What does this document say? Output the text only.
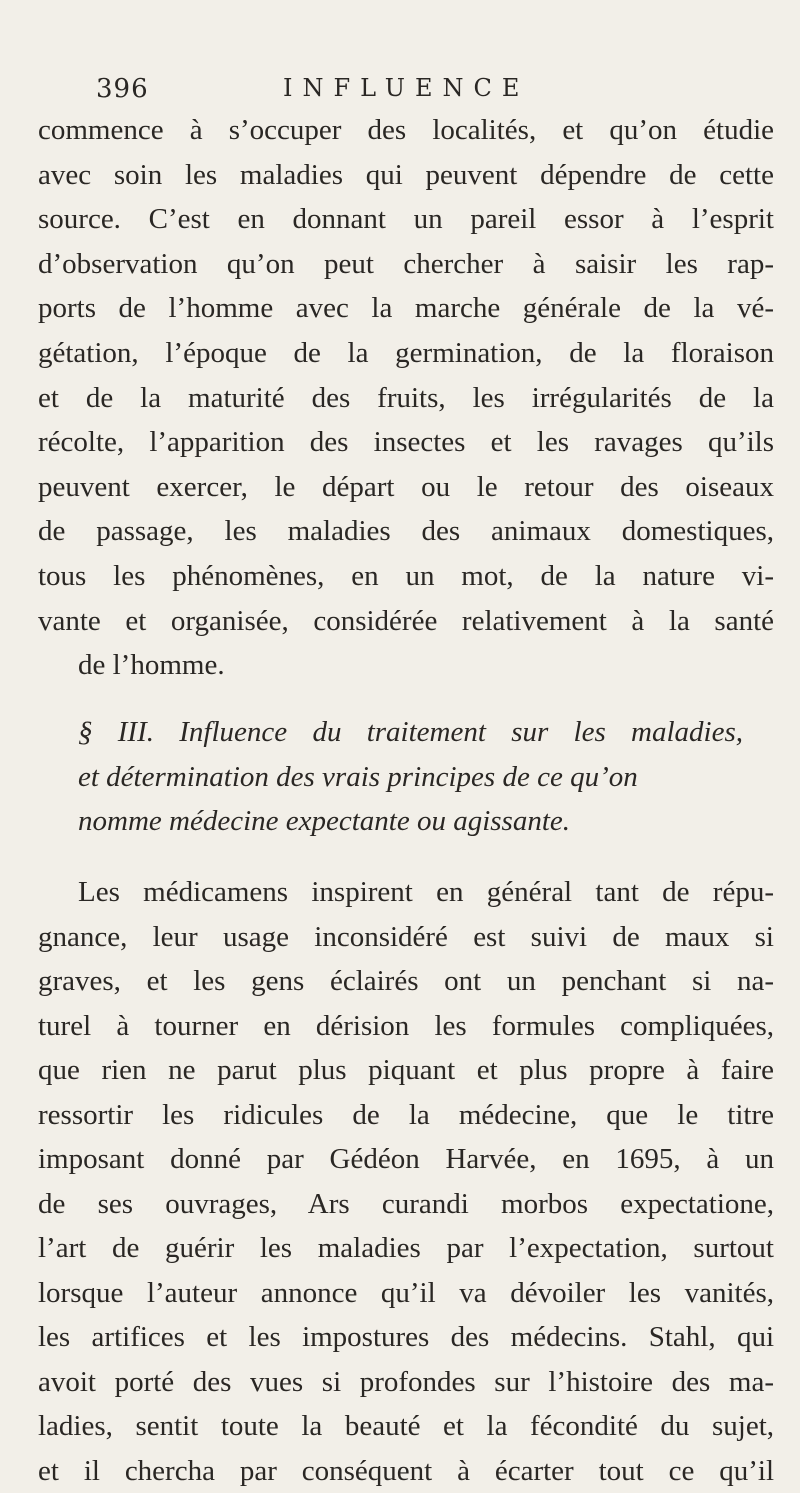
396	INFLUENCE
commence à s’occuper des localités, et qu’on étudie
avec soin les maladies qui peuvent dépendre de cette
source. C’est en donnant un pareil essor à l’esprit
d’observation qu’on peut chercher à saisir les rap-
ports de l’homme avec la marche générale de la vé-
gétation, l’époque de la germination, de la floraison
et de la maturité des fruits, les irrégularités de la
récolte, l’apparition des insectes et les ravages qu’ils
peuvent exercer, le départ ou le retour des oiseaux
de passage, les maladies des animaux domestiques,
tous les phénomènes, en un mot, de la nature vi-
vante et organisée, considérée relativement à la santé
de l’homme.
§ III. Influence du traitement sur les maladies,
et détermination des vrais principes de ce qu’on
nomme médecine expectante ou agissante.
Les médicamens inspirent en général tant de répu-
gnance, leur usage inconsidéré est suivi de maux si
graves, et les gens éclairés ont un penchant si na-
turel à tourner en dérision les formules compliquées,
que rien ne parut plus piquant et plus propre à faire
ressortir les ridicules de la médecine, que le titre
imposant donné par Gédéon Harvée, en 1695, à un
de ses ouvrages, Ars curandi morbos expectatione,
l’art de guérir les maladies par l’expectation, surtout
lorsque l’auteur annonce qu’il va dévoiler les vanités,
les artifices et les impostures des médecins. Stahl, qui
avoit porté des vues si profondes sur l’histoire des ma-
ladies, sentit toute la beauté et la fécondité du sujet,
et il chercha par conséquent à écarter tout ce qu’il
